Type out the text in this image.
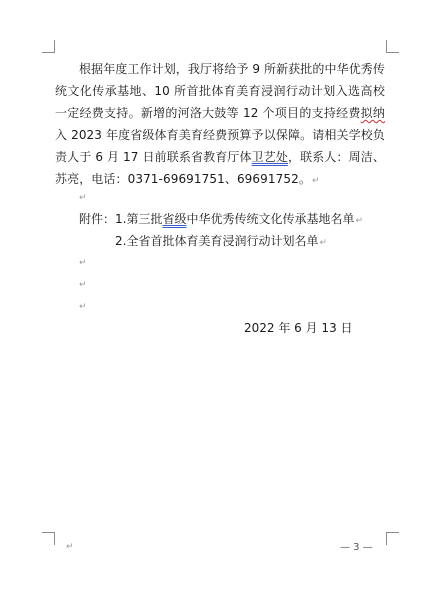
根据年度工作计划，我厅将给予 9 所新获批的中华优秀传统文化传承基地、10 所首批体育美育浸润行动计划入选高校一定经费支持。新增的河洛大鼓等 12 个项目的支持经费拟纳入 2023 年度省级体育美育经费预算予以保障。请相关学校负责人于 6 月 17 日前联系省教育厅体卫艺处，联系人：周洁、苏亮，电话：0371-69691751、69691752。↵

↵
附件：1.第三批省级中华优秀传统文化传承基地名单↵
2.全省首批体育美育浸润行动计划名单↵
↵
↵
↵
2022 年 6 月 13 日
↵	— 3 —
